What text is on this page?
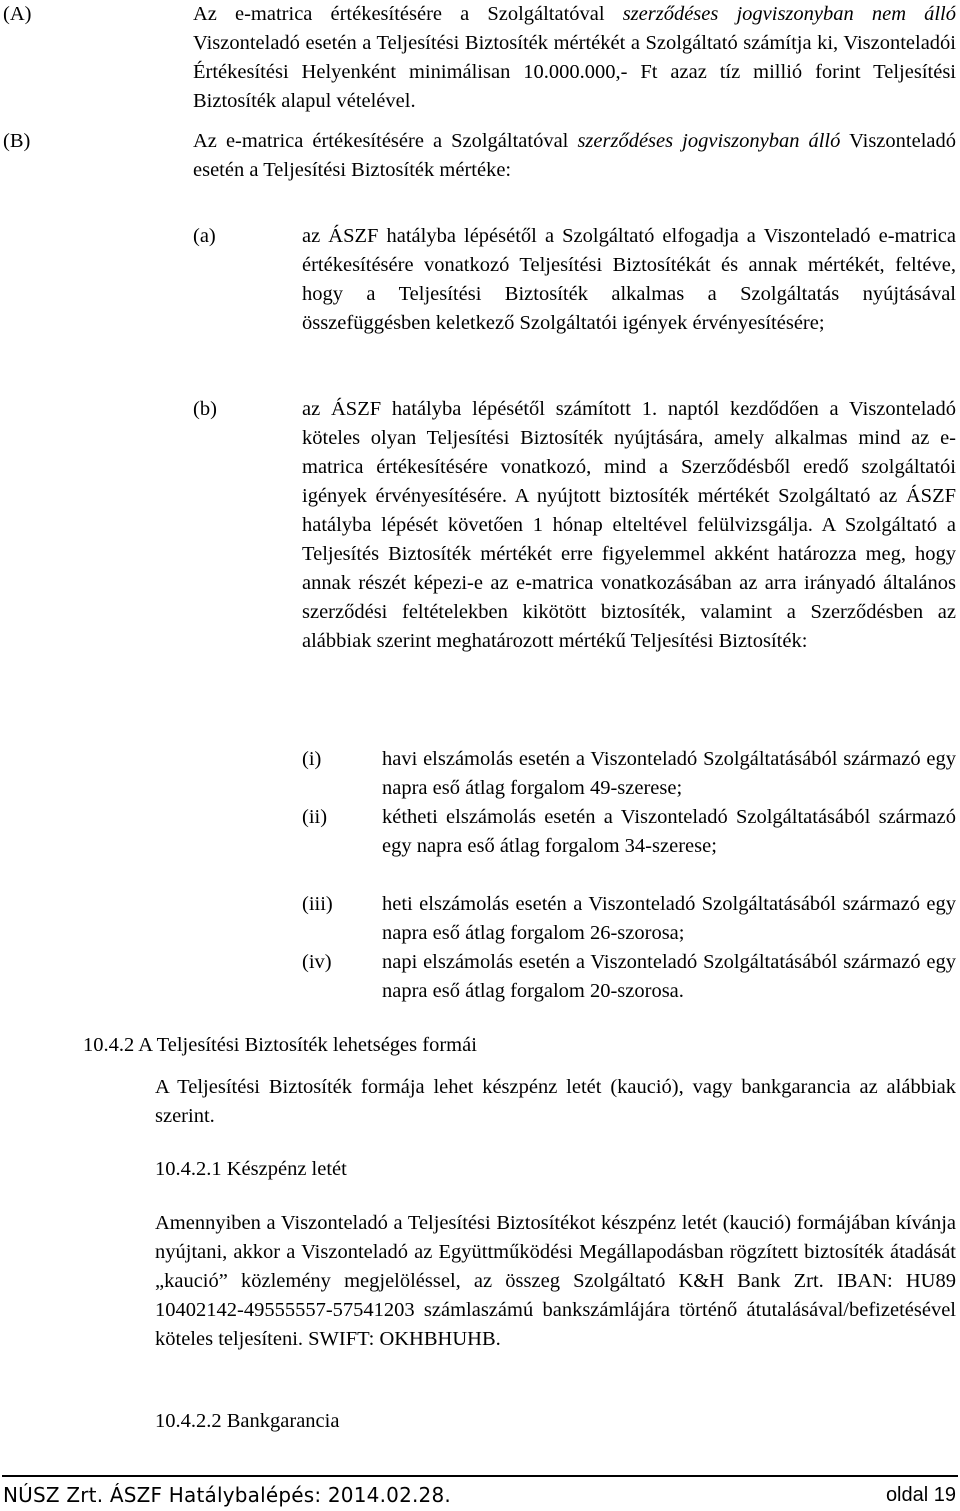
(A)	Az e-matrica értékesítésére a Szolgáltatóval szerződéses jogviszonyban nem álló Viszonteladó esetén a Teljesítési Biztosíték mértékét a Szolgáltató számítja ki, Viszonteladói Értékesítési Helyenként minimálisan 10.000.000,- Ft azaz tíz millió forint Teljesítési Biztosíték alapul vételével.
(B)	Az e-matrica értékesítésére a Szolgáltatóval szerződéses jogviszonyban álló Viszonteladó esetén a Teljesítési Biztosíték mértéke:
(a)	az ÁSZF hatályba lépésétől a Szolgáltató elfogadja a Viszonteladó e-matrica értékesítésére vonatkozó Teljesítési Biztosítékát és annak mértékét, feltéve, hogy a Teljesítési Biztosíték alkalmas a Szolgáltatás nyújtásával összefüggésben keletkező Szolgáltatói igények érvényesítésére;
(b)	az ÁSZF hatályba lépésétől számított 1. naptól kezdődően a Viszonteladó köteles olyan Teljesítési Biztosíték nyújtására, amely alkalmas mind az e-matrica értékesítésére vonatkozó, mind a Szerződésből eredő szolgáltatói igények érvényesítésére. A nyújtott biztosíték mértékét Szolgáltató az ÁSZF hatályba lépését követően 1 hónap elteltével felülvizsgálja. A Szolgáltató a Teljesítés Biztosíték mértékét erre figyelemmel akként határozza meg, hogy annak részét képezi-e az e-matrica vonatkozásában az arra irányadó általános szerződési feltételekben kikötött biztosíték, valamint a Szerződésben az alábbiak szerint meghatározott mértékű Teljesítési Biztosíték:
(i)	havi elszámolás esetén a Viszonteladó Szolgáltatásából származó egy napra eső átlag forgalom 49-szerese;
(ii)	kétheti elszámolás esetén a Viszonteladó Szolgáltatásából származó egy napra eső átlag forgalom 34-szerese;
(iii) heti elszámolás esetén a Viszonteladó Szolgáltatásából származó egy napra eső átlag forgalom 26-szorosa;
(iv) napi elszámolás esetén a Viszonteladó Szolgáltatásából származó egy napra eső átlag forgalom 20-szorosa.
10.4.2 A Teljesítési Biztosíték lehetséges formái
A Teljesítési Biztosíték formája lehet készpénz letét (kaució), vagy bankgarancia az alábbiak szerint.
10.4.2.1 Készpénz letét
Amennyiben a Viszonteladó a Teljesítési Biztosítékot készpénz letét (kaució) formájában kívánja nyújtani, akkor a Viszonteladó az Együttműködési Megállapodásban rögzített biztosíték átadását „kaució” közlemény megjelöléssel, az összeg Szolgáltató K&H Bank Zrt. IBAN: HU89 10402142-49555557-57541203 számlaszámú bankszámlájára történő átutalásával/befizetésével köteles teljesíteni. SWIFT: OKHBHUHB.
10.4.2.2 Bankgarancia
NÚSZ Zrt. ÁSZF Hatálybalépés: 2014.02.28.	oldal 19
